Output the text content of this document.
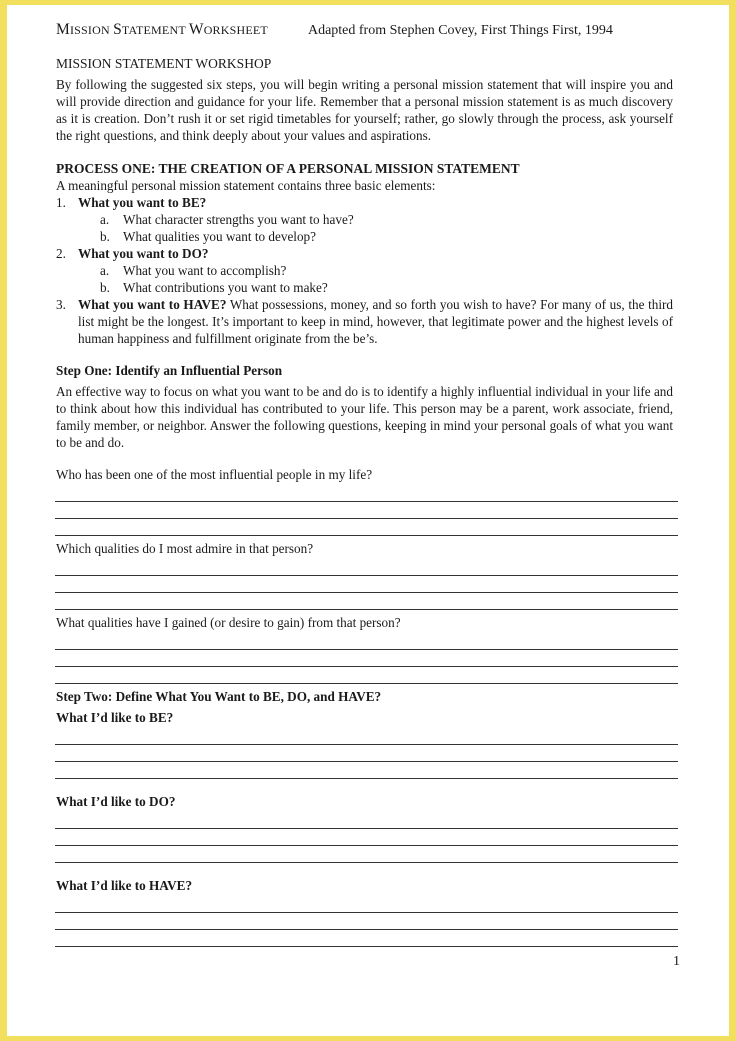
MISSION STATEMENT WORKSHEET	Adapted from Stephen Covey, First Things First, 1994
MISSION STATEMENT WORKSHOP

By following the suggested six steps, you will begin writing a personal mission statement that will inspire you and will provide direction and guidance for your life. Remember that a personal mission statement is as much discovery as it is creation. Don’t rush it or set rigid timetables for yourself; rather, go slowly through the process, ask yourself the right questions, and think deeply about your values and aspirations.

PROCESS ONE: THE CREATION OF A PERSONAL MISSION STATEMENT

A meaningful personal mission statement contains three basic elements:

1. What you want to BE?
a. What character strengths you want to have?
b. What qualities you want to develop?
2. What you want to DO?
a. What you want to accomplish?
b. What contributions you want to make?
3. What you want to HAVE? What possessions, money, and so forth you wish to have? For many of us, the third list might be the longest. It’s important to keep in mind, however, that legitimate power and the highest levels of human happiness and fulfillment originate from the be’s.

Step One: Identify an Influential Person

An effective way to focus on what you want to be and do is to identify a highly influential individual in your life and to think about how this individual has contributed to your life. This person may be a parent, work associate, friend, family member, or neighbor. Answer the following questions, keeping in mind your personal goals of what you want to be and do.

Who has been one of the most influential people in my life?
Which qualities do I most admire in that person?
What qualities have I gained (or desire to gain) from that person?
Step Two: Define What You Want to BE, DO, and HAVE?
What I’d like to BE?
What I’d like to DO?
What I’d like to HAVE?
1
